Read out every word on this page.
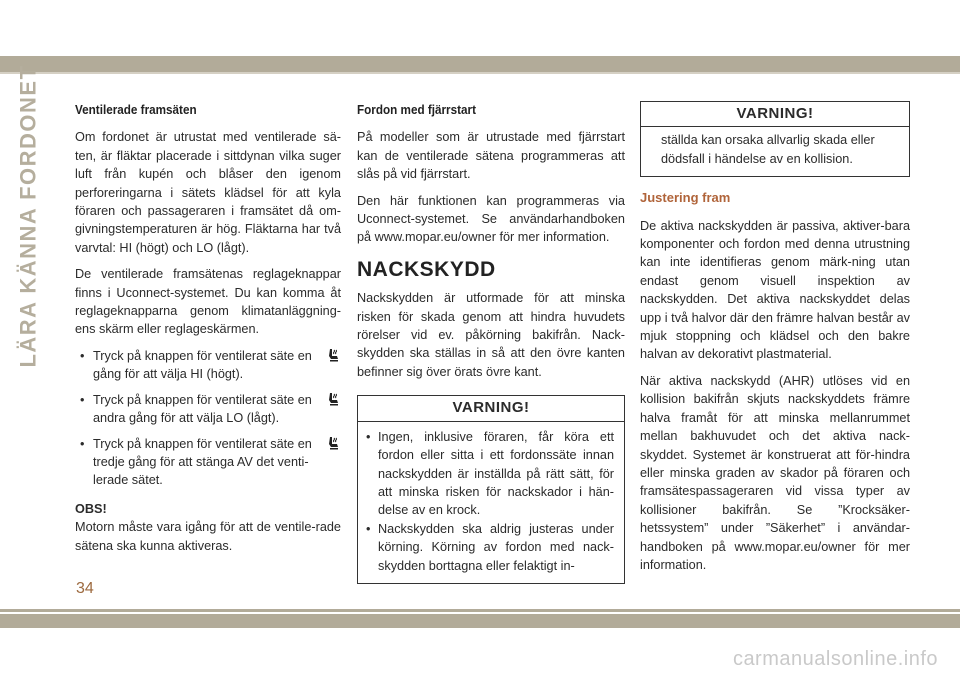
LÄRA KÄNNA FORDONET	Ventilerade framsäten

Om fordonet är utrustat med ventilerade sä-ten, är fläktar placerade i sittdynan vilka suger luft från kupén och blåser den igenom perforeringarna i sätets klädsel för att kyla föraren och passageraren i framsätet då om-givningstemperaturen är hög. Fläktarna har två varvtal: HI (högt) och LO (lågt).

De ventilerade framsätenas reglageknappar finns i Uconnect-systemet. Du kan komma åt reglageknapparna genom klimatanläggning-ens skärm eller reglageskärmen.

• Tryck på knappen för ventilerat säte en gång för att välja HI (högt).
• Tryck på knappen för ventilerat säte en andra gång för att välja LO (lågt).
• Tryck på knappen för ventilerat säte en tredje gång för att stänga AV det venti-lerade sätet.
OBS!

Motorn måste vara igång för att de ventile-rade sätena ska kunna aktiveras.

Fordon med fjärrstart

På modeller som är utrustade med fjärrstart kan de ventilerade sätena programmeras att slås på vid fjärrstart.

Den här funktionen kan programmeras via Uconnect-systemet. Se användarhandboken på www.mopar.eu/owner för mer information.

NACKSKYDD

Nackskydden är utformade för att minska risken för skada genom att hindra huvudets rörelser vid ev. påkörning bakifrån. Nack-skydden ska ställas in så att den övre kanten befinner sig över örats övre kant.

VARNING!
• Ingen, inklusive föraren, får köra ett fordon eller sitta i ett fordonssäte innan nackskydden är inställda på rätt sätt, för att minska risken för nackskador i hän-delse av en krock.
• Nackskydden ska aldrig justeras under körning. Körning av fordon med nack-skydden borttagna eller felaktigt in-
VARNING!
ställda kan orsaka allvarlig skada eller dödsfall i händelse av en kollision.
Justering fram

De aktiva nackskydden är passiva, aktiver-bara komponenter och fordon med denna utrustning kan inte identifieras genom märk-ning utan endast genom visuell inspektion av nackskydden. Det aktiva nackskyddet delas upp i två halvor där den främre halvan består av mjuk stoppning och klädsel och den bakre halvan av dekorativt plastmaterial.

När aktiva nackskydd (AHR) utlöses vid en kollision bakifrån skjuts nackskyddets främre halva framåt för att minska mellanrummet mellan bakhuvudet och det aktiva nack-skyddet. Systemet är konstruerat att för-hindra eller minska graden av skador på föraren och framsätespassageraren vid vissa typer av kollisioner bakifrån. Se ”Krocksäker-hetssystem” under ”Säkerhet” i användar-handboken på www.mopar.eu/owner för mer information.

34
carmanualsonline.info
